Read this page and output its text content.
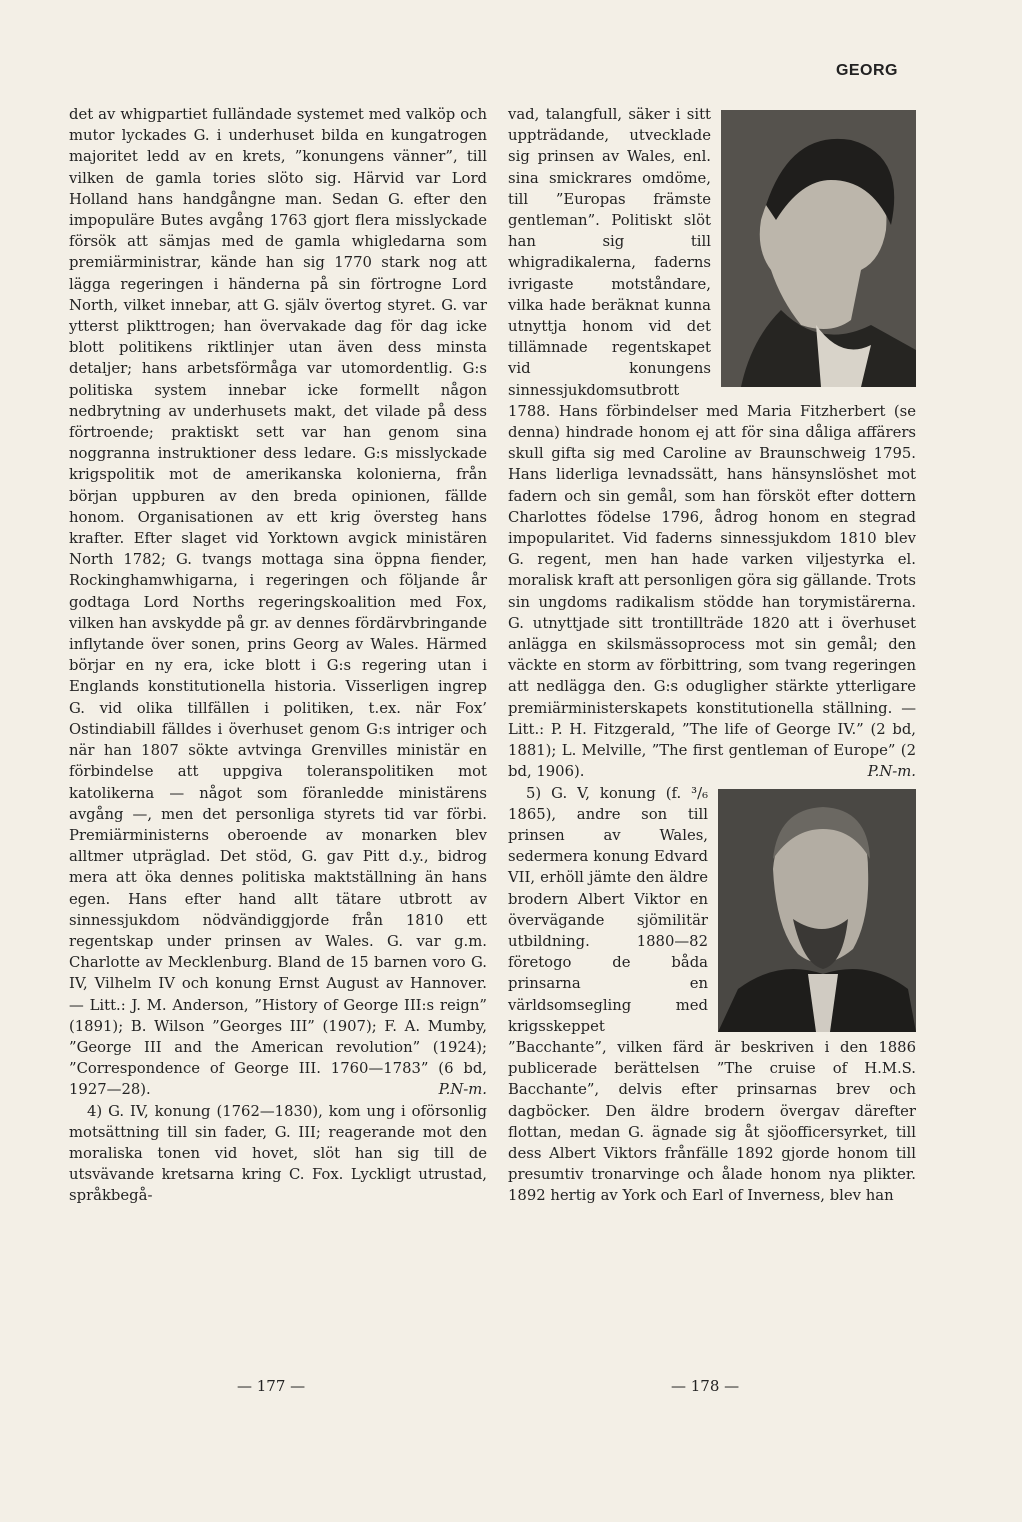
GEORG

det av whigpartiet fulländade systemet med valköp och mutor lyckades G. i underhuset bilda en kungatrogen majoritet ledd av en krets, ”konungens vänner”, till vilken de gamla tories slöto sig. Härvid var Lord Holland hans handgångne man. Sedan G. efter den impopuläre Butes avgång 1763 gjort flera misslyckade försök att sämjas med de gamla whigledarna som premiärministrar, kände han sig 1770 stark nog att lägga regeringen i händerna på sin förtrogne Lord North, vilket innebar, att G. själv övertog styret. G. var ytterst plikttrogen; han övervakade dag för dag icke blott politikens riktlinjer utan även dess minsta detaljer; hans arbetsförmåga var utomordentlig. G:s politiska system innebar icke formellt någon nedbrytning av underhusets makt, det vilade på dess förtroende; praktiskt sett var han genom sina noggranna instruktioner dess ledare. G:s misslyckade krigspolitik mot de amerikanska kolonierna, från början uppburen av den breda opinionen, fällde honom. Organisationen av ett krig översteg hans krafter. Efter slaget vid Yorktown avgick ministären North 1782; G. tvangs mottaga sina öppna fiender, Rockinghamwhigarna, i regeringen och följande år godtaga Lord Norths regeringskoalition med Fox, vilken han avskydde på gr. av dennes fördärvbringande inflytande över sonen, prins Georg av Wales. Härmed börjar en ny era, icke blott i G:s regering utan i Englands konstitutionella historia. Visserligen ingrep G. vid olika tillfällen i politiken, t.ex. när Fox’ Ostindiabill fälldes i överhuset genom G:s intriger och när han 1807 sökte avtvinga Grenvilles ministär en förbindelse att uppgiva toleranspolitiken mot katolikerna — något som föranledde ministärens avgång —, men det personliga styrets tid var förbi. Premiärministerns oberoende av monarken blev alltmer utpräglad. Det stöd, G. gav Pitt d.y., bidrog mera att öka dennes politiska maktställning än hans egen. Hans efter hand allt tätare utbrott av sinnessjukdom nödvändiggjorde från 1810 ett regentskap under prinsen av Wales. G. var g.m. Charlotte av Mecklenburg. Bland de 15 barnen voro G. IV, Vilhelm IV och konung Ernst August av Hannover. — Litt.: J. M. Anderson, ”History of George III:s reign” (1891); B. Wilson ”Georges III” (1907); F. A. Mumby, ”George III and the American revolution” (1924); ”Correspondence of George III. 1760—1783” (6 bd, 1927—28).	P.N-m.

4) G. IV, konung (1762—1830), kom ung i oförsonlig motsättning till sin fader, G. III; reagerande mot den moraliska tonen vid hovet, slöt han sig till de utsvävande kretsarna kring C. Fox. Lyckligt utrustad, språkbegå-

vad, talangfull, säker i sitt uppträdande, utvecklade sig prinsen av Wales, enl. sina smickrares omdöme, till ”Europas främste gentleman”. Politiskt slöt han sig till whigradikalerna, faderns ivrigaste motståndare, vilka hade beräknat kunna utnyttja honom vid det tillämnade regentskapet vid konungens sinnessjukdomsutbrott 1788. Hans förbindelser med Maria Fitzherbert (se denna) hindrade honom ej att för sina dåliga affärers skull gifta sig med Caroline av Braunschweig 1795. Hans liderliga levnadssätt, hans hänsynslöshet mot fadern och sin gemål, som han försköt efter dottern Charlottes födelse 1796, ådrog honom en stegrad impopularitet. Vid faderns sinnessjukdom 1810 blev G. regent, men han hade varken viljestyrka el. moralisk kraft att personligen göra sig gällande. Trots sin ungdoms radikalism stödde han torymistärerna. G. utnyttjade sitt trontillträde 1820 att i överhuset anlägga en skilsmässoprocess mot sin gemål; den väckte en storm av förbittring, som tvang regeringen att nedlägga den. G:s odugligher stärkte ytterligare premiärministerskapets konstitutionella ställning. — Litt.: P. H. Fitzgerald, ”The life of George IV.” (2 bd, 1881); L. Melville, ”The first gentleman of Europe” (2 bd, 1906).	P.N-m.

5) G. V, konung (f. ³/₆ 1865), andre son till prinsen av Wales, sedermera konung Edvard VII, erhöll jämte den äldre brodern Albert Viktor en övervägande sjömilitär utbildning. 1880—82 företogo de båda prinsarna en världsomsegling med krigsskeppet ”Bacchante”, vilken färd är beskriven i den 1886 publicerade berättelsen ”The cruise of H.M.S. Bacchante”, delvis efter prinsarnas brev och dagböcker. Den äldre brodern övergav därefter flottan, medan G. ägnade sig åt sjöofficersyrket, till dess Albert Viktors frånfälle 1892 gjorde honom till presumtiv tronarvinge och ålade honom nya plikter. 1892 hertig av York och Earl of Inverness, blev han

— 177 —	— 178 —
